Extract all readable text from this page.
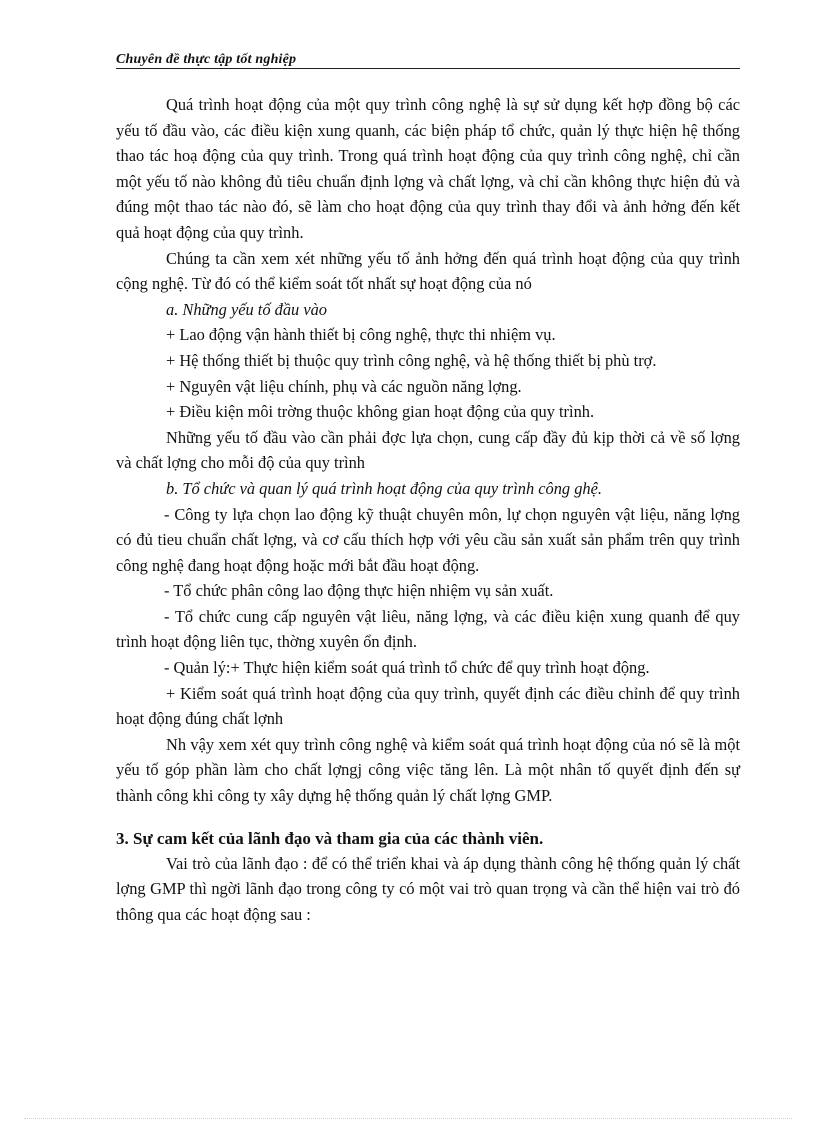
Chuyên đề thực tập tốt nghiệp

Quá trình hoạt động của một quy trình công nghệ là sự sử dụng kết hợp đồng bộ các yếu tố đầu vào, các điều kiện xung quanh, các biện pháp tổ chức, quản lý thực hiện hệ thống thao tác hoạ động của quy trình. Trong quá trình hoạt động của quy trình công nghệ, chỉ cần một yếu tố nào không đủ tiêu chuẩn định lợng và chất lợng, và chỉ cần không thực hiện đủ và đúng một thao tác nào đó, sẽ làm cho hoạt động của quy trình thay đổi và ảnh hởng đến kết quả hoạt động của quy trình.

Chúng ta cần xem xét những yếu tố ảnh hởng đến quá trình hoạt động của quy trình cộng nghệ. Từ đó có thể kiểm soát tốt nhất sự hoạt động của nó

a. Những yếu tố đầu vào

+ Lao động vận hành thiết bị công nghệ, thực thi nhiệm vụ.

+ Hệ thống thiết bị thuộc quy trình công nghệ, và hệ thống thiết bị phù trợ.

+ Nguyên vật liệu chính, phụ và các nguồn năng lợng.

+ Điều kiện môi trờng thuộc không gian hoạt động của quy trình.

Những yếu tố đầu vào cần phải đợc lựa chọn, cung cấp đầy đủ kịp thời cả về số lợng và chất lợng cho mỗi độ của quy trình

b. Tổ chức và quan lý quá trình hoạt động của quy trình công ghệ.

- Công ty lựa chọn lao động kỹ thuật chuyên môn, lự chọn nguyên vật liệu, năng lợng có đủ tieu chuẩn chất lợng, và cơ cấu thích hợp với yêu cầu sản xuất sản phẩm trên quy trình công nghệ đang hoạt động hoặc mới bắt đầu hoạt động.

- Tổ chức phân công lao động thực hiện nhiệm vụ sản xuất.

- Tổ chức cung cấp nguyên vật liêu, năng lợng, và các điều kiện xung quanh để quy trình hoạt động liên tục, thờng xuyên ổn định.

- Quản lý:+ Thực hiện kiểm soát quá trình tổ chức để quy trình hoạt động.

+ Kiểm soát quá trình hoạt động của quy trình, quyết định các điều chỉnh để quy trình hoạt động đúng chất lợnh

Nh vậy xem xét quy trình công nghệ và kiểm soát quá trình hoạt động của nó sẽ là một yếu tố góp phần làm cho chất lợngj công việc tăng lên. Là một nhân tố quyết định đến sự thành công khi công ty xây dựng hệ thống quản lý chất lợng GMP.

3. Sự cam kết của lãnh đạo và tham gia của các thành viên.

Vai trò của lãnh đạo : để có thể triển khai và áp dụng thành công hệ thống quản lý chất lợng GMP thì ngời lãnh đạo trong công ty có một vai trò quan trọng và cần thể hiện vai trò đó thông qua các hoạt động sau :
